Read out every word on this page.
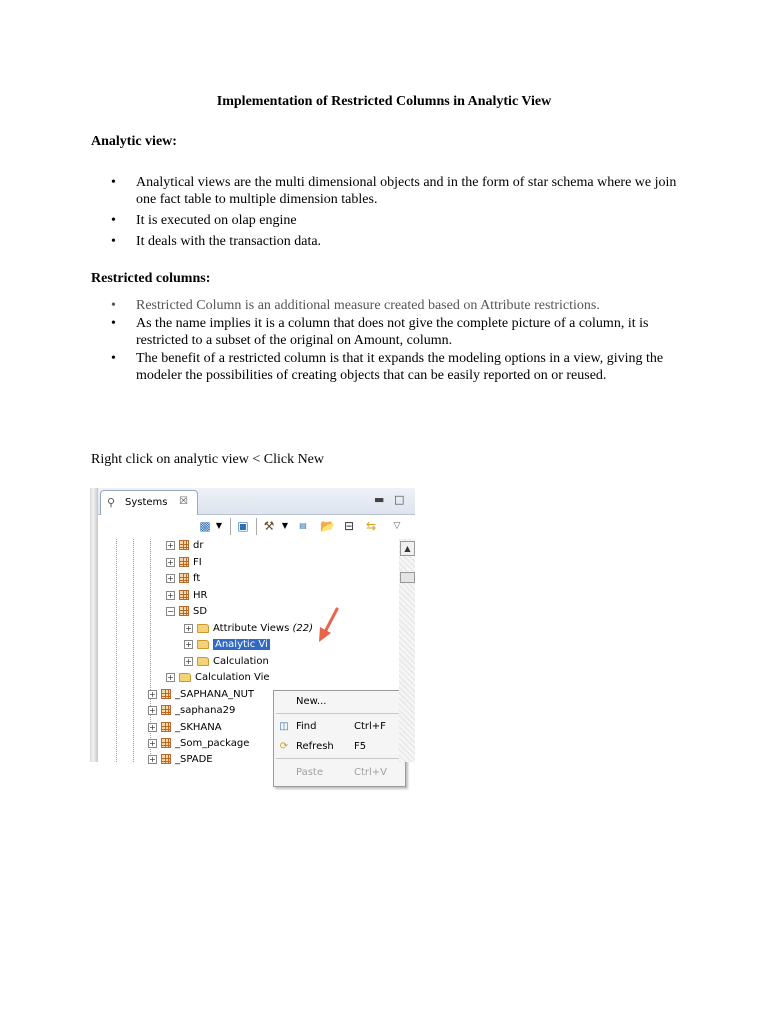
Implementation of Restricted Columns in Analytic View
Analytic view:
• Analytical views are the multi dimensional objects and in the form of star schema where we join one fact table to multiple dimension tables.
• It is executed on olap engine
• It deals with the transaction data.
Restricted columns:
• Restricted Column is an additional measure created based on Attribute restrictions.
• As the name implies it is a column that does not give the complete picture of a column, it is restricted to a subset of the original on Amount, column.
• The benefit of a restricted column is that it expands the modeling options in a view, giving the modeler the possibilities of creating objects that can be easily reported on or reused.
Right click on analytic view < Click New
⚲ Systems ☒	▬ □
▩ ▼	▣ ⚒ ▼	▤ 📂 ⊟ ⇆	▽
+ dr
+ FI
+ ft
+ HR
− SD
+ Attribute Views (22)
+ Analytic Vi
+ Calculation
+ Calculation Vie
+ _SAPHANA_NUT
+ _saphana29
+ _SKHANA
+ _Som_package
+ _SPADE
New...
◫ Find	Ctrl+F
⟳ Refresh F5
Paste	Ctrl+V
▲
